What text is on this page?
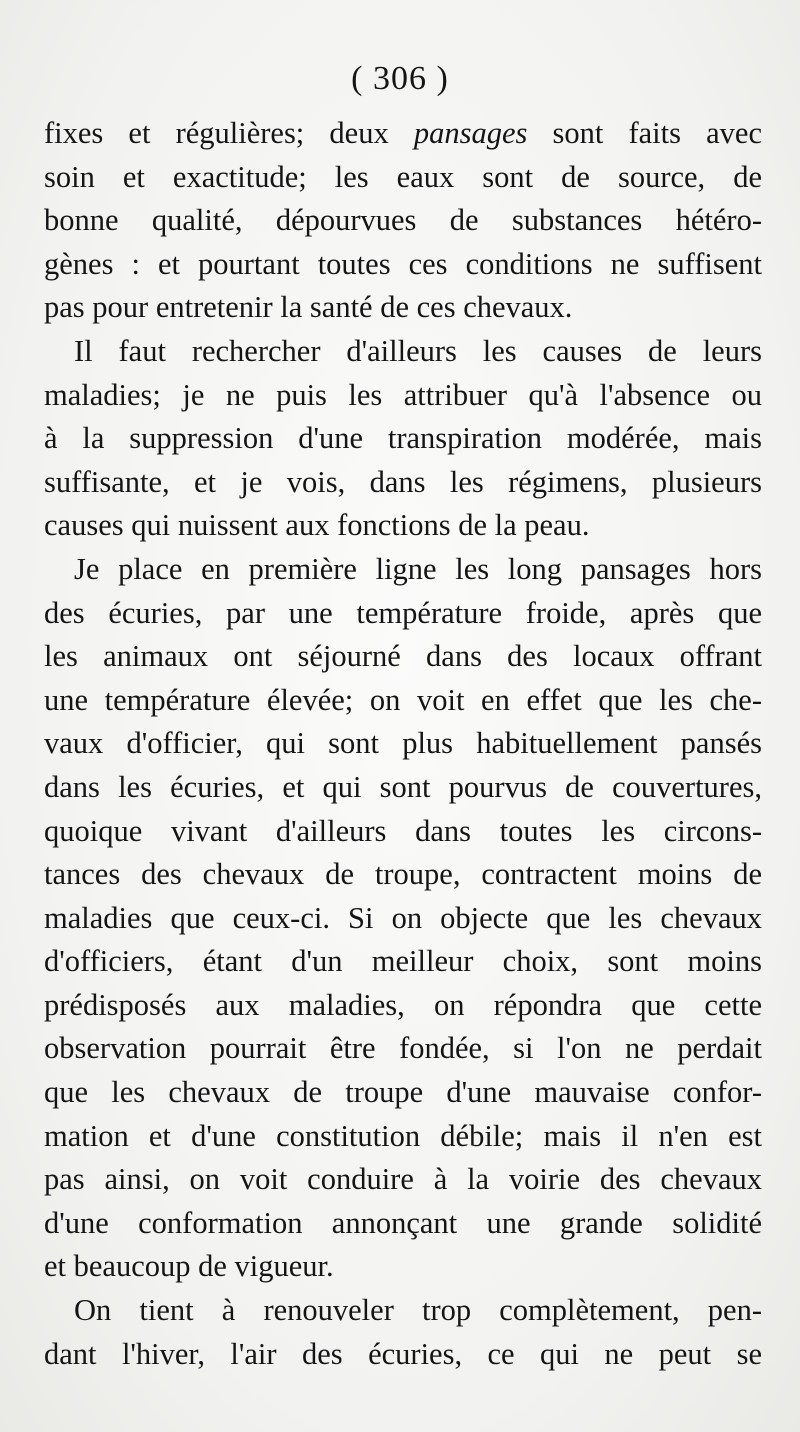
( 306 )
fixes et régulières; deux pansages sont faits avec
soin et exactitude; les eaux sont de source, de
bonne qualité, dépourvues de substances hétéro-
gènes : et pourtant toutes ces conditions ne suffisent
pas pour entretenir la santé de ces chevaux.
Il faut rechercher d'ailleurs les causes de leurs
maladies; je ne puis les attribuer qu'à l'absence ou
à la suppression d'une transpiration modérée, mais
suffisante, et je vois, dans les régimens, plusieurs
causes qui nuissent aux fonctions de la peau.
Je place en première ligne les long pansages hors
des écuries, par une température froide, après que
les animaux ont séjourné dans des locaux offrant
une température élevée; on voit en effet que les che-
vaux d'officier, qui sont plus habituellement pansés
dans les écuries, et qui sont pourvus de couvertures,
quoique vivant d'ailleurs dans toutes les circons-
tances des chevaux de troupe, contractent moins de
maladies que ceux-ci. Si on objecte que les chevaux
d'officiers, étant d'un meilleur choix, sont moins
prédisposés aux maladies, on répondra que cette
observation pourrait être fondée, si l'on ne perdait
que les chevaux de troupe d'une mauvaise confor-
mation et d'une constitution débile; mais il n'en est
pas ainsi, on voit conduire à la voirie des chevaux
d'une conformation annonçant une grande solidité
et beaucoup de vigueur.
On tient à renouveler trop complètement, pen-
dant l'hiver, l'air des écuries, ce qui ne peut se
